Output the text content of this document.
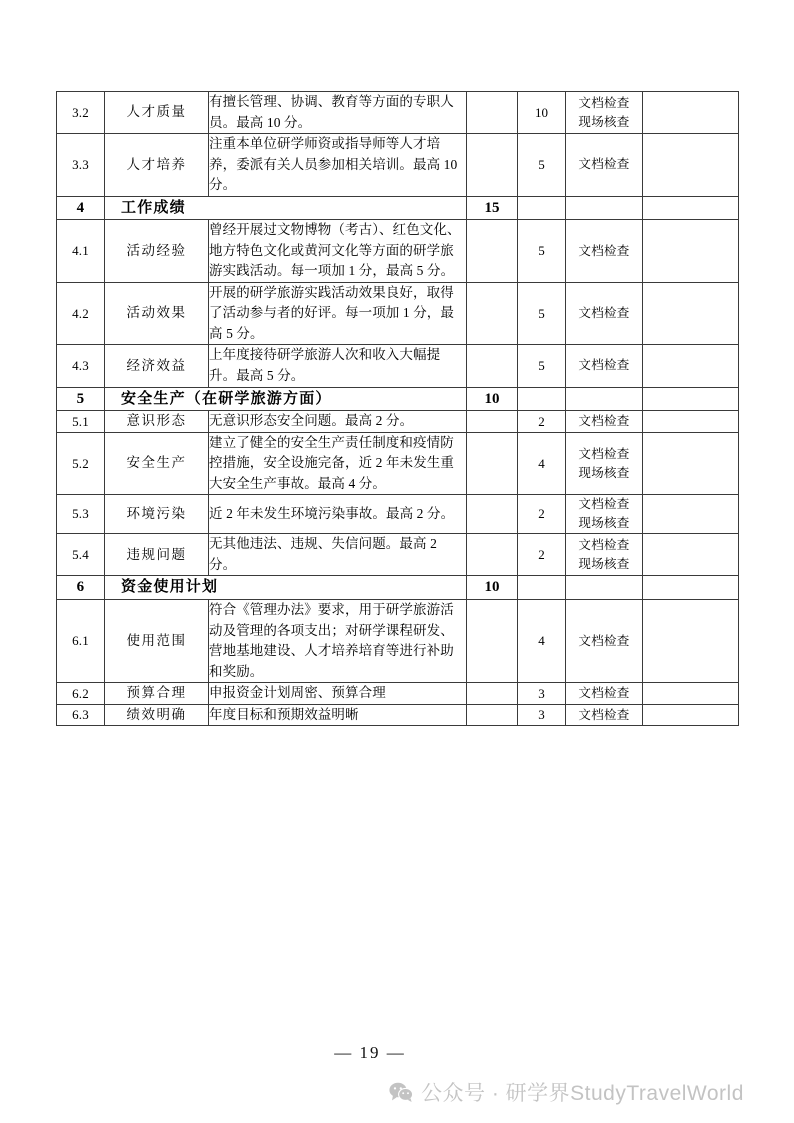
3.2	人才质量	有擅长管理、协调、教育等方面的专职人员。最高 10 分。		10	文档检查
现场核查	

3.3	人才培养	注重本单位研学师资或指导师等人才培养，委派有关人员参加相关培训。最高 10 分。		5	文档检查	

4	工作成绩		15			
4.1	活动经验	曾经开展过文物博物（考古）、红色文化、地方特色文化或黄河文化等方面的研学旅游实践活动。每一项加 1 分，最高 5 分。		5	文档检查	

4.2	活动效果	开展的研学旅游实践活动效果良好，取得了活动参与者的好评。每一项加 1 分，最高 5 分。		5	文档检查	

4.3	经济效益	上年度接待研学旅游人次和收入大幅提升。最高 5 分。		5	文档检查	

5	安全生产（在研学旅游方面）		10			
5.1	意识形态	无意识形态安全问题。最高 2 分。		2	文档检查	

5.2	安全生产	建立了健全的安全生产责任制度和疫情防控措施，安全设施完备，近 2 年未发生重大安全生产事故。最高 4 分。		4	文档检查
现场核查	

5.3	环境污染	近 2 年未发生环境污染事故。最高 2 分。		2	文档检查
现场核查	

5.4	违规问题	无其他违法、违规、失信问题。最高 2 分。		2	文档检查
现场核查	

6	资金使用计划		10			
6.1	使用范围	符合《管理办法》要求，用于研学旅游活动及管理的各项支出；对研学课程研发、营地基地建设、人才培养培育等进行补助和奖励。		4	文档检查	

6.2	预算合理	申报资金计划周密、预算合理		3	文档检查	

6.3	绩效明确	年度目标和预期效益明晰		3	文档检查	

— 19 —
公众号 · 研学界StudyTravelWorld
